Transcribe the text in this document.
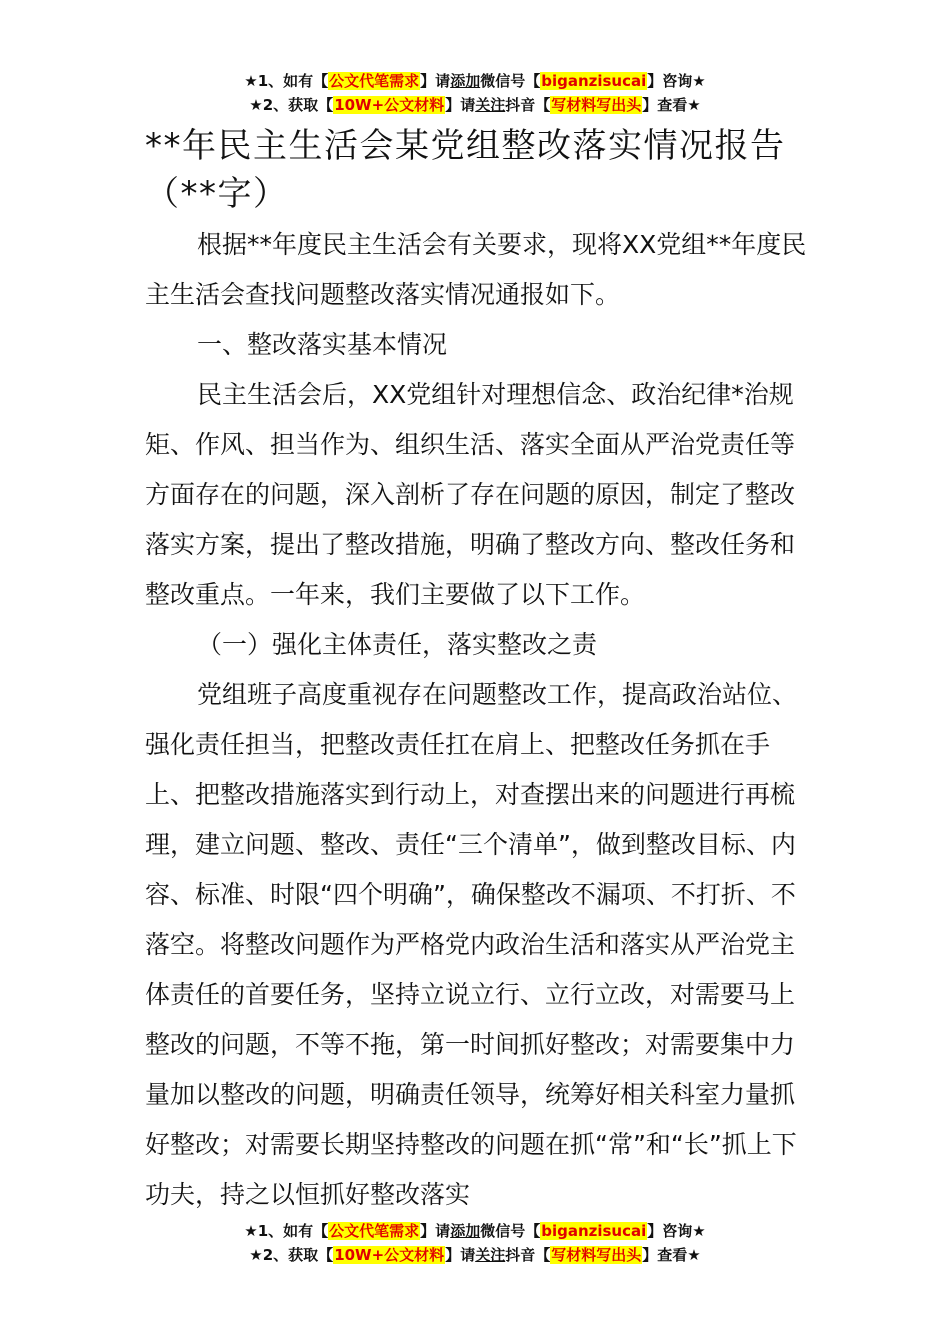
★1、如有【公文代笔需求】请添加微信号【biganzisucai】咨询★
★2、获取【10W+公文材料】请关注抖音【写材料写出头】查看★
**年民主生活会某党组整改落实情况报告（**字）

根据**年度民主生活会有关要求，现将XX党组**年度民主生活会查找问题整改落实情况通报如下。

一、整改落实基本情况

民主生活会后，XX党组针对理想信念、政治纪律*治规矩、作风、担当作为、组织生活、落实全面从严治党责任等方面存在的问题，深入剖析了存在问题的原因，制定了整改落实方案，提出了整改措施，明确了整改方向、整改任务和整改重点。一年来，我们主要做了以下工作。

（一）强化主体责任，落实整改之责

党组班子高度重视存在问题整改工作，提高政治站位、强化责任担当，把整改责任扛在肩上、把整改任务抓在手上、把整改措施落实到行动上，对查摆出来的问题进行再梳理，建立问题、整改、责任“三个清单”，做到整改目标、内容、标准、时限“四个明确”，确保整改不漏项、不打折、不落空。将整改问题作为严格党内政治生活和落实从严治党主体责任的首要任务，坚持立说立行、立行立改，对需要马上整改的问题，不等不拖，第一时间抓好整改；对需要集中力量加以整改的问题，明确责任领导，统筹好相关科室力量抓好整改；对需要长期坚持整改的问题在抓“常”和“长”抓上下功夫，持之以恒抓好整改落实

★1、如有【公文代笔需求】请添加微信号【biganzisucai】咨询★
★2、获取【10W+公文材料】请关注抖音【写材料写出头】查看★
